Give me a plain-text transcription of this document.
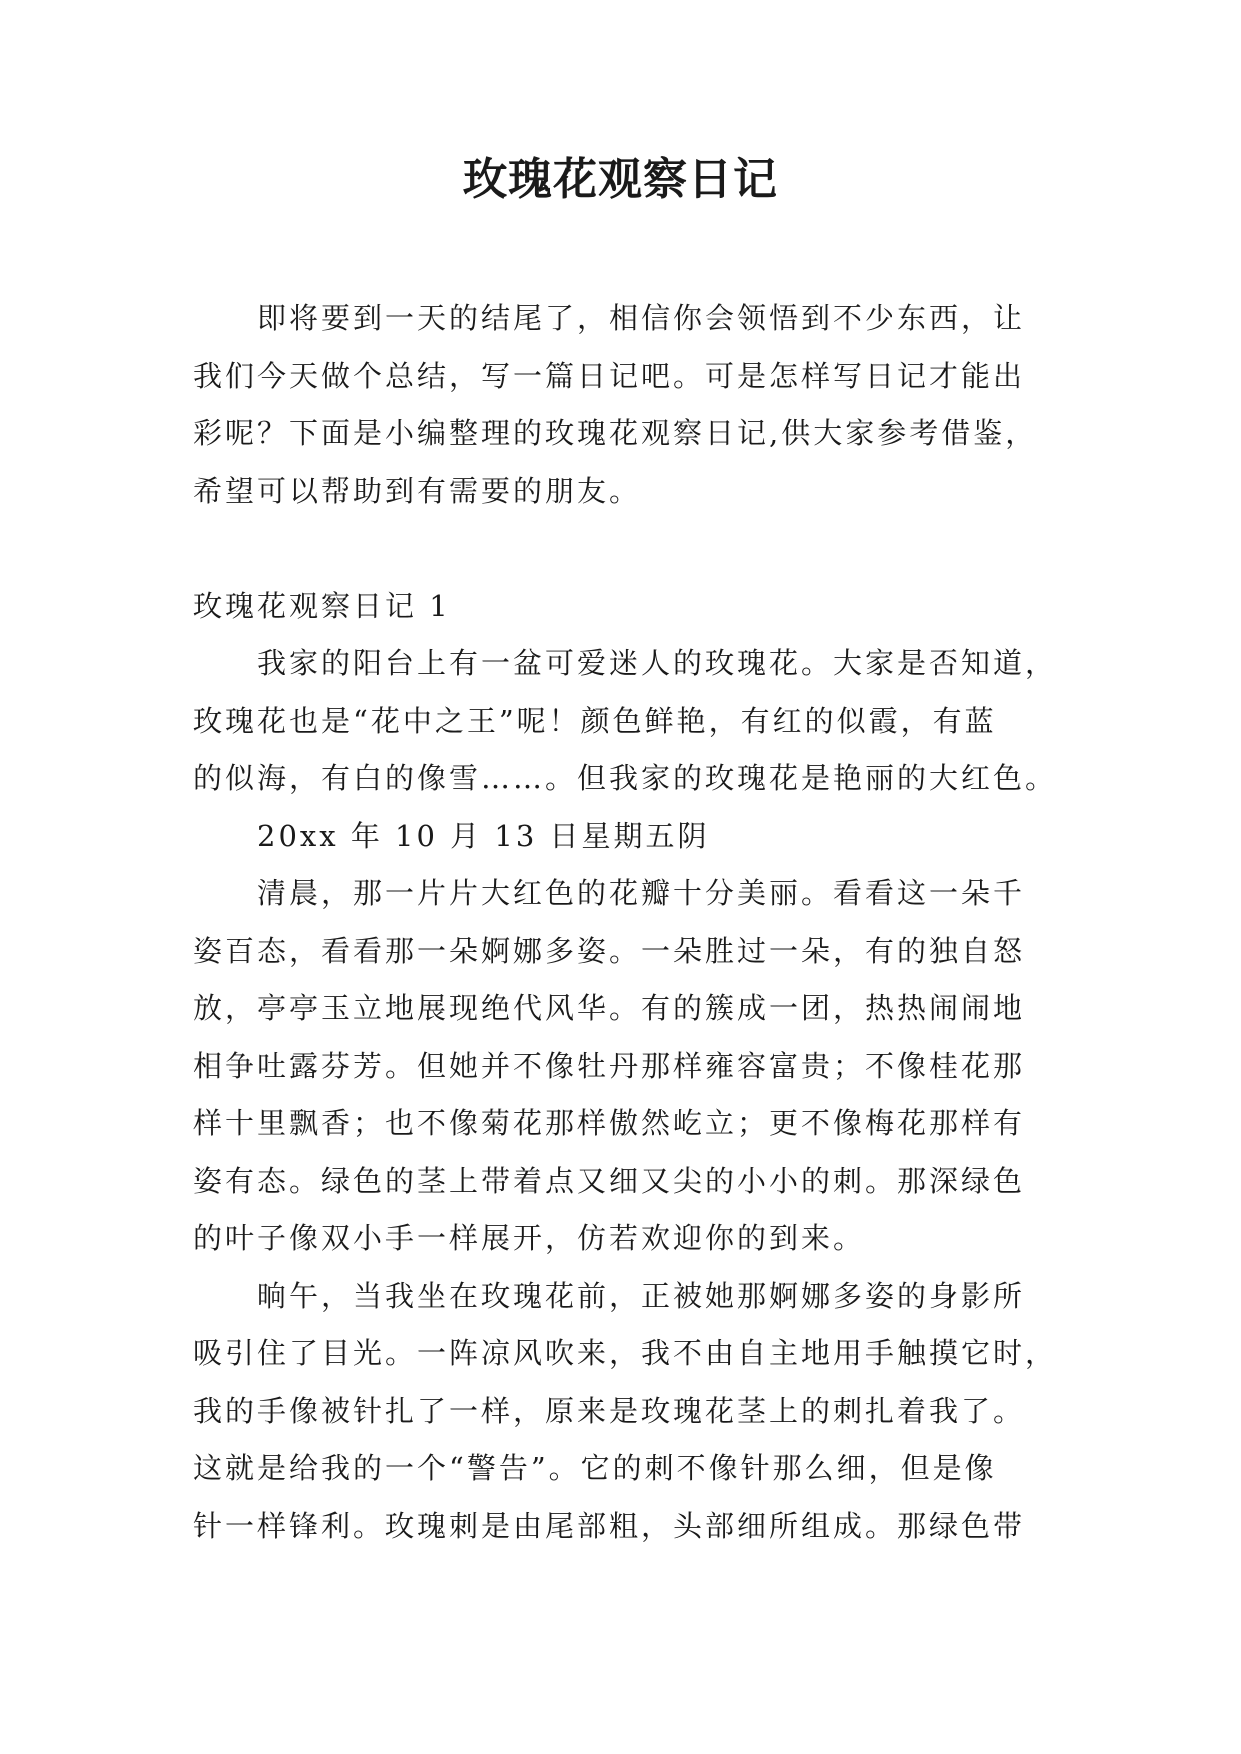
玫瑰花观察日记
即将要到一天的结尾了，相信你会领悟到不少东西，让
我们今天做个总结，写一篇日记吧。可是怎样写日记才能出
彩呢？下面是小编整理的玫瑰花观察日记,供大家参考借鉴，
希望可以帮助到有需要的朋友。
玫瑰花观察日记 1
我家的阳台上有一盆可爱迷人的玫瑰花。大家是否知道，
玫瑰花也是“花中之王”呢！颜色鲜艳，有红的似霞，有蓝
的似海，有白的像雪……。但我家的玫瑰花是艳丽的大红色。
20xx 年 10 月 13 日星期五阴
清晨，那一片片大红色的花瓣十分美丽。看看这一朵千
姿百态，看看那一朵婀娜多姿。一朵胜过一朵，有的独自怒
放，亭亭玉立地展现绝代风华。有的簇成一团，热热闹闹地
相争吐露芬芳。但她并不像牡丹那样雍容富贵；不像桂花那
样十里飘香；也不像菊花那样傲然屹立；更不像梅花那样有
姿有态。绿色的茎上带着点又细又尖的小小的刺。那深绿色
的叶子像双小手一样展开，仿若欢迎你的到来。
晌午，当我坐在玫瑰花前，正被她那婀娜多姿的身影所
吸引住了目光。一阵凉风吹来，我不由自主地用手触摸它时，
我的手像被针扎了一样，原来是玫瑰花茎上的刺扎着我了。
这就是给我的一个“警告”。它的刺不像针那么细，但是像
针一样锋利。玫瑰刺是由尾部粗，头部细所组成。那绿色带
